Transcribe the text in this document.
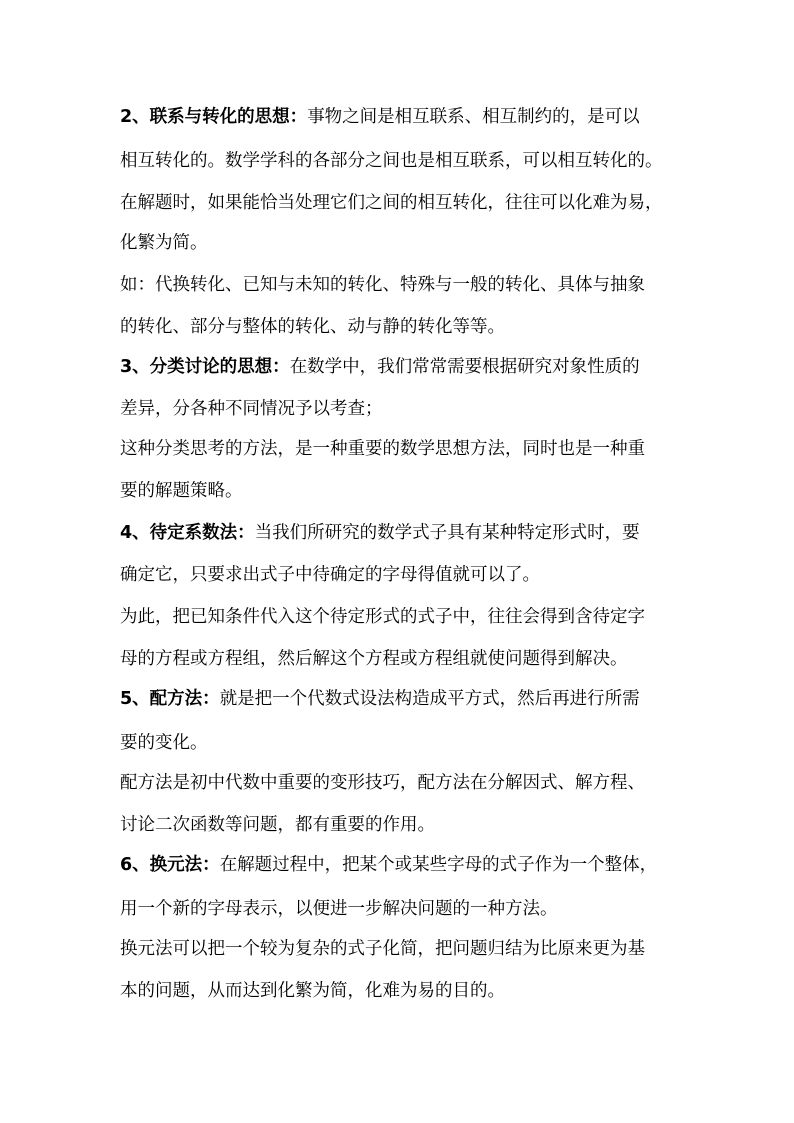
2、联系与转化的思想：事物之间是相互联系、相互制约的，是可以
相互转化的。数学学科的各部分之间也是相互联系，可以相互转化的。
在解题时，如果能恰当处理它们之间的相互转化，往往可以化难为易，
化繁为简。
如：代换转化、已知与未知的转化、特殊与一般的转化、具体与抽象
的转化、部分与整体的转化、动与静的转化等等。
3、分类讨论的思想：在数学中，我们常常需要根据研究对象性质的
差异，分各种不同情况予以考查；
这种分类思考的方法，是一种重要的数学思想方法，同时也是一种重
要的解题策略。
4、待定系数法：当我们所研究的数学式子具有某种特定形式时，要
确定它，只要求出式子中待确定的字母得值就可以了。
为此，把已知条件代入这个待定形式的式子中，往往会得到含待定字
母的方程或方程组，然后解这个方程或方程组就使问题得到解决。
5、配方法：就是把一个代数式设法构造成平方式，然后再进行所需
要的变化。
配方法是初中代数中重要的变形技巧，配方法在分解因式、解方程、
讨论二次函数等问题，都有重要的作用。
6、换元法：在解题过程中，把某个或某些字母的式子作为一个整体，
用一个新的字母表示，以便进一步解决问题的一种方法。
换元法可以把一个较为复杂的式子化简，把问题归结为比原来更为基
本的问题，从而达到化繁为简，化难为易的目的。
